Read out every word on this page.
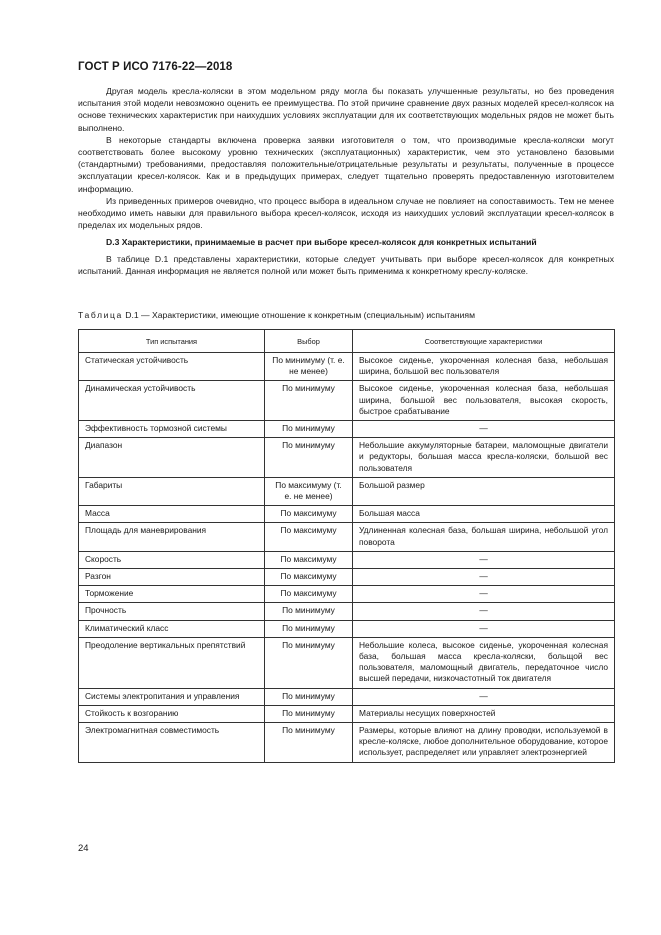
ГОСТ Р ИСО 7176-22—2018

Другая модель кресла-коляски в этом модельном ряду могла бы показать улучшенные результаты, но без проведения испытания этой модели невозможно оценить ее преимущества. По этой причине сравнение двух разных моделей кресел-колясок на основе технических характеристик при наихудших условиях эксплуатации для их соответствующих модельных рядов не может быть выполнено.

В некоторые стандарты включена проверка заявки изготовителя о том, что производимые кресла-коляски могут соответствовать более высокому уровню технических (эксплуатационных) характеристик, чем это установлено базовыми (стандартными) требованиями, предоставляя положительные/отрицательные результаты и результаты, полученные в процессе эксплуатации кресел-колясок. Как и в предыдущих примерах, следует тщательно проверять предоставленную изготовителем информацию.

Из приведенных примеров очевидно, что процесс выбора в идеальном случае не повлияет на сопоставимость. Тем не менее необходимо иметь навыки для правильного выбора кресел-колясок, исходя из наихудших условий эксплуатации кресел-колясок в пределах их модельных рядов.

D.3 Характеристики, принимаемые в расчет при выборе кресел-колясок для конкретных испытаний

В таблице D.1 представлены характеристики, которые следует учитывать при выборе кресел-колясок для конкретных испытаний. Данная информация не является полной или может быть применима к конкретному креслу-коляске.

Таблица D.1 — Характеристики, имеющие отношение к конкретным (специальным) испытаниям
Тип испытания	Выбор	Соответствующие характеристики
Статическая устойчивость	По минимуму (т. е. не менее)	Высокое сиденье, укороченная колесная база, небольшая ширина, большой вес пользователя
Динамическая устойчивость	По минимуму	Высокое сиденье, укороченная колесная база, небольшая ширина, большой вес пользователя, высокая скорость, быстрое срабатывание
Эффективность тормозной системы	По минимуму	—
Диапазон	По минимуму	Небольшие аккумуляторные батареи, маломощные двигатели и редукторы, большая масса кресла-коляски, большой вес пользователя
Габариты	По максимуму (т. е. не менее)	Большой размер
Масса	По максимуму	Большая масса
Площадь для маневрирования	По максимуму	Удлиненная колесная база, большая ширина, небольшой угол поворота
Скорость	По максимуму	—
Разгон	По максимуму	—
Торможение	По максимуму	—
Прочность	По минимуму	—
Климатический класс	По минимуму	—
Преодоление вертикальных препятствий	По минимуму	Небольшие колеса, высокое сиденье, укороченная колесная база, большая масса кресла-коляски, больщой вес пользователя, маломощный двигатель, передаточное число высшей передачи, низкочастотный ток двигателя
Системы электропитания и управления	По минимуму	—
Стойкость к возгоранию	По минимуму	Материалы несущих поверхностей
Электромагнитная совместимость	По минимуму	Размеры, которые влияют на длину проводки, используемой в кресле-коляске, любое дополнительное оборудование, которое использует, распределяет или управляет электроэнергией
24
